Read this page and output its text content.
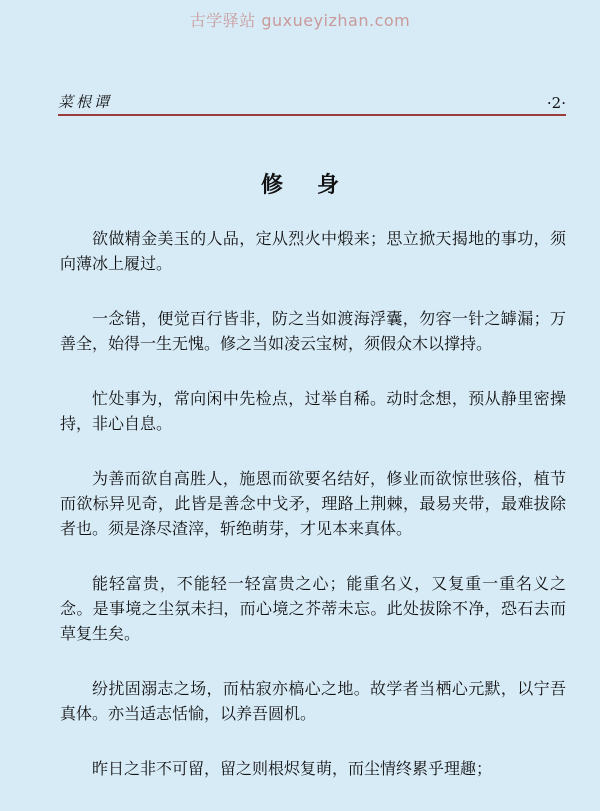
古学驿站 guxueyizhan.com
菜根谭	·2·
修身

欲做精金美玉的人品，定从烈火中煅来；思立掀天揭地的事功，须向薄冰上履过。

一念错，便觉百行皆非，防之当如渡海浮囊，勿容一针之罅漏；万善全，始得一生无愧。修之当如凌云宝树，须假众木以撑持。

忙处事为，常向闲中先检点，过举自稀。动时念想，预从静里密操持，非心自息。

为善而欲自高胜人，施恩而欲要名结好，修业而欲惊世骇俗，植节而欲标异见奇，此皆是善念中戈矛，理路上荆棘，最易夹带，最难拔除者也。须是涤尽渣滓，斩绝萌芽，才见本来真体。

能轻富贵，不能轻一轻富贵之心；能重名义，又复重一重名义之念。是事境之尘氛未扫，而心境之芥蒂未忘。此处拔除不净，恐石去而草复生矣。

纷扰固溺志之场，而枯寂亦槁心之地。故学者当栖心元默，以宁吾真体。亦当适志恬愉，以养吾圆机。

昨日之非不可留，留之则根烬复萌，而尘情终累乎理趣；
